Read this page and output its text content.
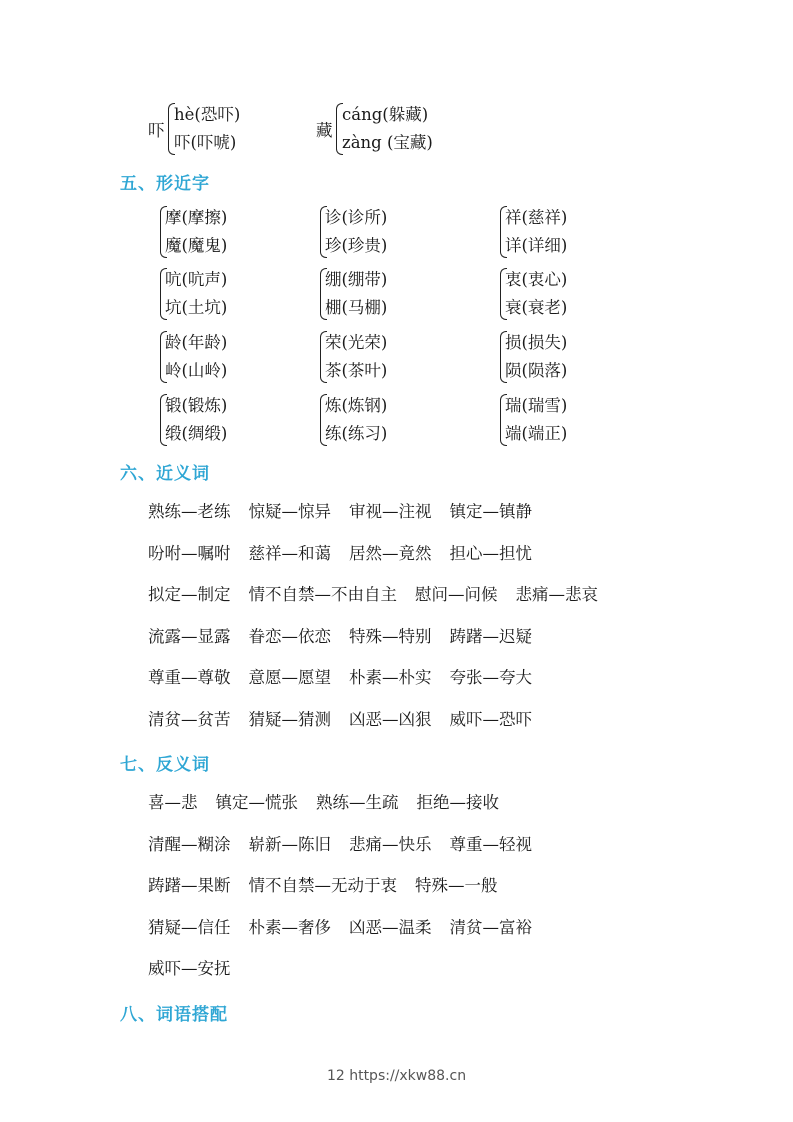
吓
hè(恐吓)
吓(吓唬)
藏
cáng(躲藏)
zàng (宝藏)
五、形近字
摩(摩擦)
魔(魔鬼)
诊(诊所)
珍(珍贵)
祥(慈祥)
详(详细)
吭(吭声)
坑(土坑)
绷(绷带)
棚(马棚)
衷(衷心)
衰(衰老)
龄(年龄)
岭(山岭)
荣(光荣)
茶(茶叶)
损(损失)
陨(陨落)
锻(锻炼)
缎(绸缎)
炼(炼钢)
练(练习)
瑞(瑞雪)
端(端正)
六、近义词
熟练—老练 惊疑—惊异 审视—注视 镇定—镇静
吩咐—嘱咐 慈祥—和蔼 居然—竟然 担心—担忧
拟定—制定 情不自禁—不由自主 慰问—问候 悲痛—悲哀
流露—显露 眷恋—依恋 特殊—特别 踌躇—迟疑
尊重—尊敬 意愿—愿望 朴素—朴实 夸张—夸大
清贫—贫苦 猜疑—猜测 凶恶—凶狠 威吓—恐吓
七、反义词
喜—悲 镇定—慌张 熟练—生疏 拒绝—接收
清醒—糊涂 崭新—陈旧 悲痛—快乐 尊重—轻视
踌躇—果断 情不自禁—无动于衷 特殊—一般
猜疑—信任 朴素—奢侈 凶恶—温柔 清贫—富裕
威吓—安抚
八、词语搭配
12 https://xkw88.cn
